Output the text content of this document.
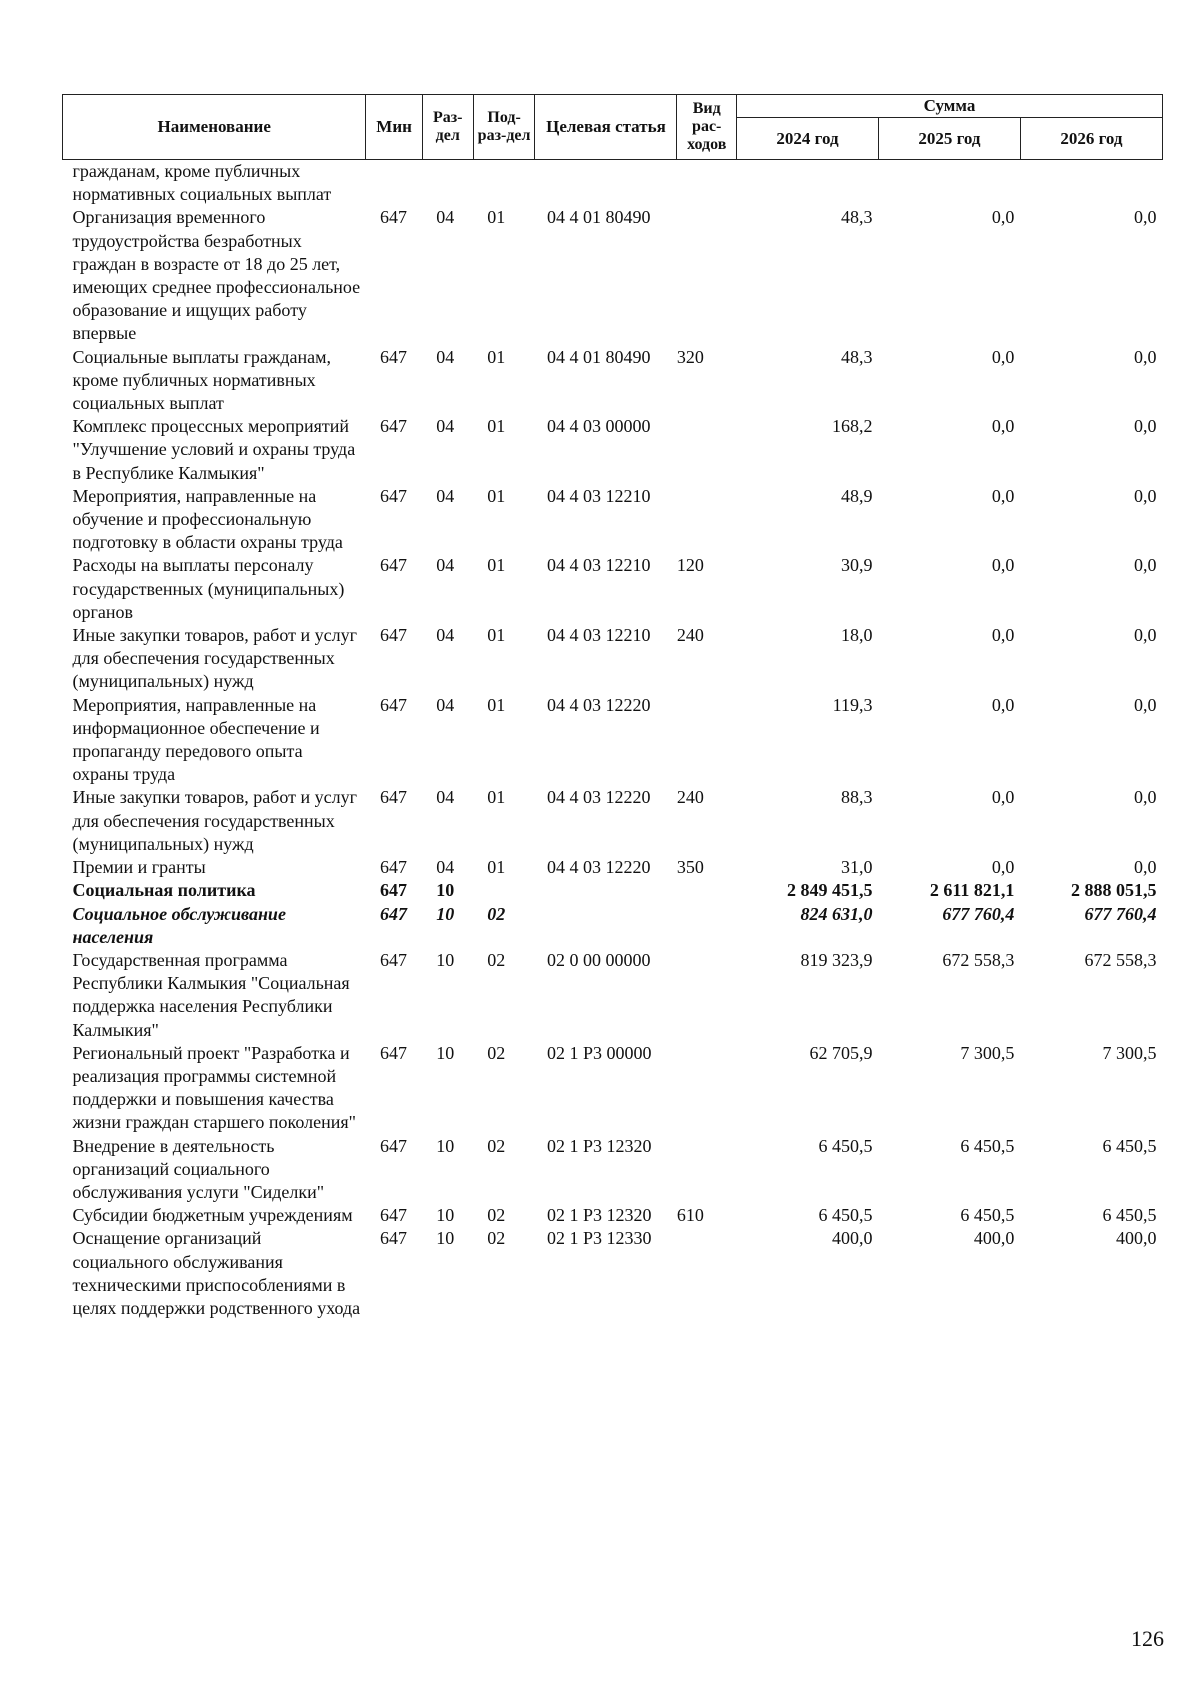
Наименование	Мин	Раз-дел	Под-раз-дел	Целевая статья	Вид рас-ходов	Сумма		
						2024 год	2025 год	2026 год
гражданам, кроме публичных нормативных социальных выплат								
Организация временного трудоустройства безработных граждан в возрасте от 18 до 25 лет, имеющих среднее профессиональное образование и ищущих работу впервые	647	04	01	04 4 01 80490		48,3	0,0	0,0
Социальные выплаты гражданам, кроме публичных нормативных социальных выплат	647	04	01	04 4 01 80490	320	48,3	0,0	0,0
Комплекс процессных мероприятий "Улучшение условий и охраны труда в Республике Калмыкия"	647	04	01	04 4 03 00000		168,2	0,0	0,0
Мероприятия, направленные на обучение и профессиональную подготовку в области охраны труда	647	04	01	04 4 03 12210		48,9	0,0	0,0
Расходы на выплаты персоналу государственных (муниципальных) органов	647	04	01	04 4 03 12210	120	30,9	0,0	0,0
Иные закупки товаров, работ и услуг для обеспечения государственных (муниципальных) нужд	647	04	01	04 4 03 12210	240	18,0	0,0	0,0
Мероприятия, направленные на информационное обеспечение и пропаганду передового опыта охраны труда	647	04	01	04 4 03 12220		119,3	0,0	0,0
Иные закупки товаров, работ и услуг для обеспечения государственных (муниципальных) нужд	647	04	01	04 4 03 12220	240	88,3	0,0	0,0
Премии и гранты	647	04	01	04 4 03 12220	350	31,0	0,0	0,0
Социальная политика	647	10				2 849 451,5	2 611 821,1	2 888 051,5
Социальное обслуживание населения	647	10	02			824 631,0	677 760,4	677 760,4
Государственная программа Республики Калмыкия "Социальная поддержка населения Республики Калмыкия"	647	10	02	02 0 00 00000		819 323,9	672 558,3	672 558,3
Региональный проект "Разработка и реализация программы системной поддержки и повышения качества жизни граждан старшего поколения"	647	10	02	02 1 Р3 00000		62 705,9	7 300,5	7 300,5
Внедрение в деятельность организаций социального обслуживания услуги "Сиделки"	647	10	02	02 1 Р3 12320		6 450,5	6 450,5	6 450,5
Субсидии бюджетным учреждениям	647	10	02	02 1 Р3 12320	610	6 450,5	6 450,5	6 450,5
Оснащение организаций социального обслуживания техническими приспособлениями в целях поддержки родственного ухода	647	10	02	02 1 Р3 12330		400,0	400,0	400,0
126
